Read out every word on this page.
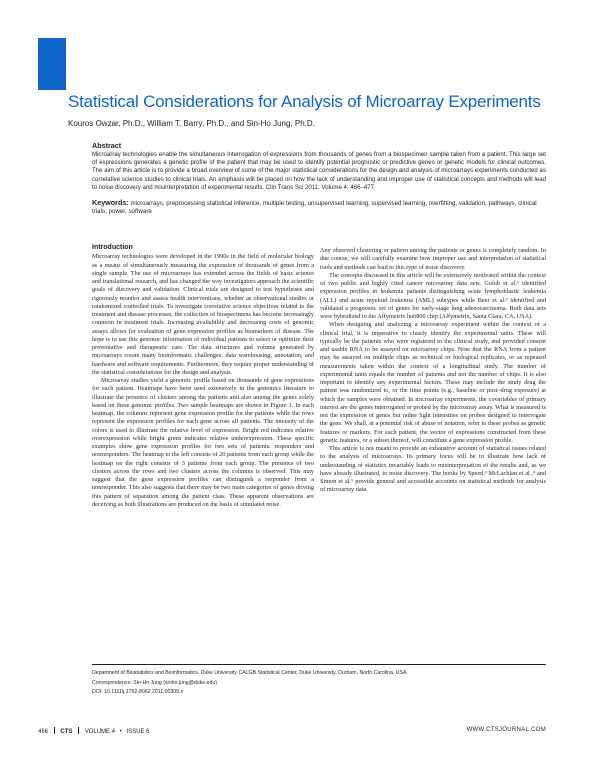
Statistical Considerations for Analysis of Microarray Experiments
Kouros Owzar, Ph.D., William T. Barry, Ph.D., and Sin-Ho Jung, Ph.D.
Abstract

Microarray technologies enable the simultaneous interrogation of expressions from thousands of genes from a biospecimen sample taken from a patient. This large set of expressions generates a genetic profile of the patient that may be used to identify potential prognostic or predictive genes or genetic models for clinical outcomes. The aim of this article is to provide a broad overview of some of the major statistical considerations for the design and analysis of microarrays experiments conducted as correlative science studies to clinical trials. An emphasis will be placed on how the lack of understanding and improper use of statistical concepts and methods will lead to noise discovery and misinterpretation of experimental results. Clin Trans Sci 2011; Volume 4: 466–477

Keywords: microarrays, preprocessing statistical inference, multiple testing, unsupervised learning, supervised learning, overfitting, validation, pathways, clinical trials, power, software

Introduction

Microarray technologies were developed in the 1990s in the field of molecular biology as a means of simultaneously measuring the expression of thousands of genes from a single sample. The use of microarrays has extended across the fields of basic science and translational research, and has changed the way investigators approach the scientific goals of discovery and validation. Clinical trials are designed to test hypotheses and rigorously monitor and assess health interventions, whether as observational studies or randomized controlled trials. To investigate correlative science objectives related to the treatment and disease processes, the collection of biospecimens has become increasingly common in treatment trials. Increasing availability and decreasing costs of genomic assays allows for evaluation of gene expression profiles as biomarkers of disease. The hope is to use this genomic information of individual patients to select or optimize their preventative and therapeutic care. The data structures and volume generated by microarrays create many bioinformatic challenges: data warehousing, annotation, and hardware and software requirements. Furthermore, they require proper understanding of the statistical considerations for the design and analysis.

Microarray studies yield a genomic profile based on thousands of gene expressions for each patient. Heatmaps have been used extensively in the genomics literature to illustrate the presence of clusters among the patients and also among the genes solely based on these genomic profiles. Two sample heatmaps are shown in Figure 1. In each heatmap, the columns represent gene expression profile for the patients while the rows represent the expression profiles for each gene across all patients. The intensity of the colors is used to illustrate the relative level of expression. Bright red indicates relative overexpression while bright green indicates relative underexpression. These specific examples show gene expression profiles for two sets of patients: responders and nonresponders. The heatmap to the left consists of 20 patients from each group while the heatmap on the right consists of 3 patients from each group. The presence of two clusters across the rows and two clusters across the columns is observed. This may suggest that the gene expression profiles can distinguish a responder from a nonresponder. This also suggests that there may be two main categories of genes driving this pattern of separation among the patient class. These apparent observations are deceiving as both illustrations are produced on the basis of simulated noise.

Any observed clustering or pattern among the patients or genes is completely random. In due course, we will carefully examine how improper use and interpretation of statistical tools and methods can lead to this type of noise discovery.

The concepts discussed in this article will be extensively motivated within the context of two public and highly cited cancer microarray data sets. Golub et al.¹ identified expression profiles in leukemia patients distinguishing acute lymphoblastic leukemia (ALL) and acute myeloid leukemia (AML) subtypes while Beer et al.² identified and validated a prognostic set of genes for early-stage lung adenocarcinoma. Both data sets were hybridized to the Affymetrix hu6800 chip (Affymetrix, Santa Clara, CA, USA).

When designing and analyzing a microarray experiment within the context of a clinical trial, it is imperative to clearly identify the experimental units. These will typically be the patients who were registered to the clinical study, and provided consent and usable RNA to be assayed on microarray chips. Note that the RNA from a patient may be assayed on multiple chips as technical or biological replicates, or as repeated measurements taken within the context of a longitudinal study. The number of experimental units equals the number of patients and not the number of chips. It is also important to identify any experimental factors. These may include the study drug the patient was randomized to, or the time points (e.g., baseline or post–drug exposure) at which the samples were obtained. In microarray experiments, the covariables of primary interest are the genes interrogated or probed by the microarray assay. What is measured is not the expression of genes but rather light intensities on probes designed to interrogate the gene. We shall, at a potential risk of abuse of notation, refer to these probes as genetic features or markers. For each patient, the vector of expressions constructed from these genetic features, or a subset thereof, will constitute a gene expression profile.

This article is not meant to provide an exhaustive account of statistical issues related to the analysis of microarrays. Its primary focus will be to illustrate how lack of understanding of statistics invariably leads to misinterpretation of the results and, as we have already illustrated, to noise discovery. The books by Speed,³ McLachlan et al.,⁴ and Simon et al.⁵ provide general and accessible accounts on statistical methods for analysis of microarray data.

Department of Biostatistics and Bioinformatics, Duke University CALGB Statistical Center, Duke University, Durham, North Carolina, USA.
Correspondence: Sin-Ho Jung (sinho.jung@duke.edu)
DOI: 10.1111/j.1752-8062.2011.00309.x
466 CTS VOLUME 4 • ISSUE 6	WWW.CTSJOURNAL.COM
